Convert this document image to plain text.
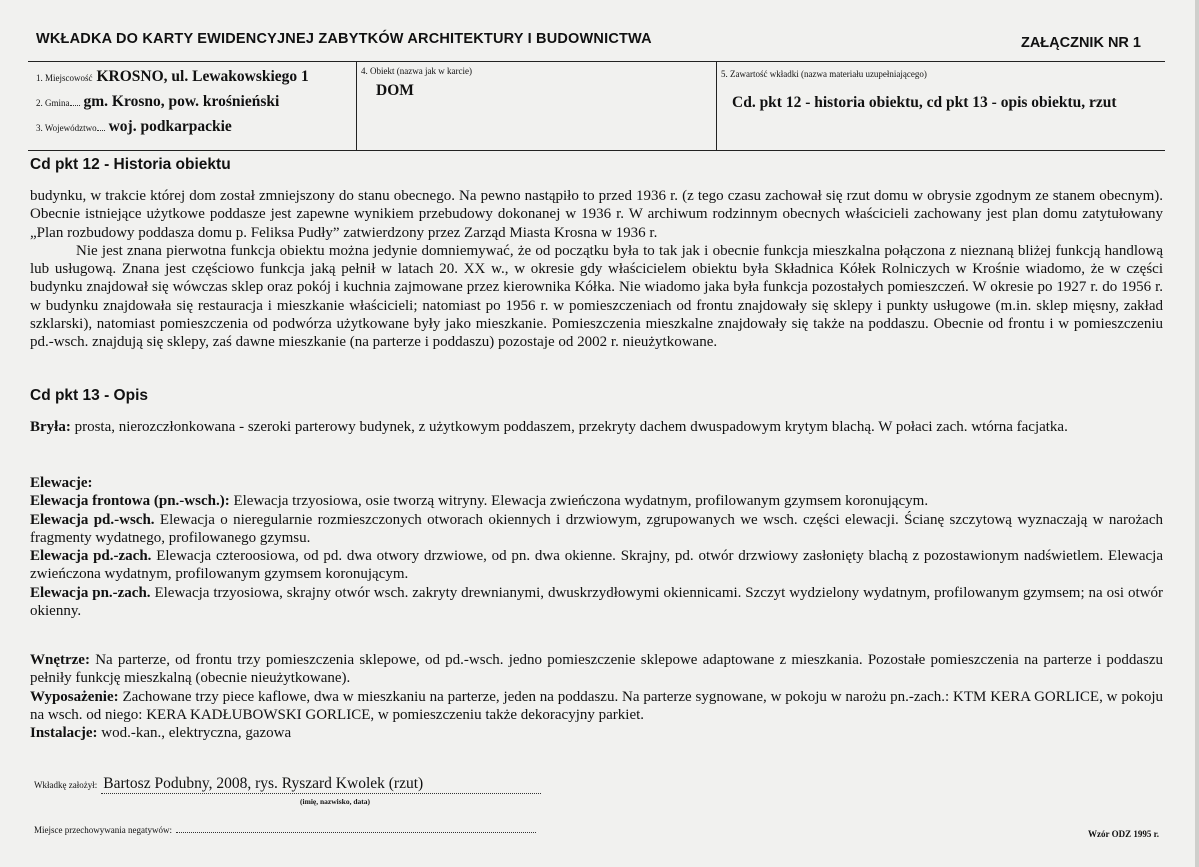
WKŁADKA DO KARTY EWIDENCYJNEJ ZABYTKÓW ARCHITEKTURY I BUDOWNICTWA	ZAŁĄCZNIK NR 1
1. Miejscowość KROSNO, ul. Lewakowskiego 1
2. Gmina gm. Krosno, pow. krośnieński
3. Województwo woj. podkarpackie
4. Obiekt (nazwa jak w karcie)
DOM
5. Zawartość wkładki (nazwa materiału uzupełniającego)
Cd. pkt 12 - historia obiektu, cd pkt 13 - opis obiektu, rzut
Cd pkt 12 - Historia obiektu

budynku, w trakcie której dom został zmniejszony do stanu obecnego. Na pewno nastąpiło to przed 1936 r. (z tego czasu zachował się rzut domu w obrysie zgodnym ze stanem obecnym). Obecnie istniejące użytkowe poddasze jest zapewne wynikiem przebudowy dokonanej w 1936 r. W archiwum rodzinnym obecnych właścicieli zachowany jest plan domu zatytułowany „Plan rozbudowy poddasza domu p. Feliksa Pudły” zatwierdzony przez Zarząd Miasta Krosna w 1936 r.

Nie jest znana pierwotna funkcja obiektu można jedynie domniemywać, że od początku była to tak jak i obecnie funkcja mieszkalna połączona z nieznaną bliżej funkcją handlową lub usługową. Znana jest częściowo funkcja jaką pełnił w latach 20. XX w., w okresie gdy właścicielem obiektu była Składnica Kółek Rolniczych w Krośnie wiadomo, że w części budynku znajdował się wówczas sklep oraz pokój i kuchnia zajmowane przez kierownika Kółka. Nie wiadomo jaka była funkcja pozostałych pomieszczeń. W okresie po 1927 r. do 1956 r. w budynku znajdowała się restauracja i mieszkanie właścicieli; natomiast po 1956 r. w pomieszczeniach od frontu znajdowały się sklepy i punkty usługowe (m.in. sklep mięsny, zakład szklarski), natomiast pomieszczenia od podwórza użytkowane były jako mieszkanie. Pomieszczenia mieszkalne znajdowały się także na poddaszu. Obecnie od frontu i w pomieszczeniu pd.-wsch. znajdują się sklepy, zaś dawne mieszkanie (na parterze i poddaszu) pozostaje od 2002 r. nieużytkowane.

Cd pkt 13 - Opis

Bryła: prosta, nierozczłonkowana - szeroki parterowy budynek, z użytkowym poddaszem, przekryty dachem dwuspadowym krytym blachą. W połaci zach. wtórna facjatka.

Elewacje:

Elewacja frontowa (pn.-wsch.): Elewacja trzyosiowa, osie tworzą witryny. Elewacja zwieńczona wydatnym, profilowanym gzymsem koronującym.

Elewacja pd.-wsch. Elewacja o nieregularnie rozmieszczonych otworach okiennych i drzwiowym, zgrupowanych we wsch. części elewacji. Ścianę szczytową wyznaczają w narożach fragmenty wydatnego, profilowanego gzymsu.

Elewacja pd.-zach. Elewacja czteroosiowa, od pd. dwa otwory drzwiowe, od pn. dwa okienne. Skrajny, pd. otwór drzwiowy zasłonięty blachą z pozostawionym nadświetlem. Elewacja zwieńczona wydatnym, profilowanym gzymsem koronującym.

Elewacja pn.-zach. Elewacja trzyosiowa, skrajny otwór wsch. zakryty drewnianymi, dwuskrzydłowymi okiennicami. Szczyt wydzielony wydatnym, profilowanym gzymsem; na osi otwór okienny.

Wnętrze: Na parterze, od frontu trzy pomieszczenia sklepowe, od pd.-wsch. jedno pomieszczenie sklepowe adaptowane z mieszkania. Pozostałe pomieszczenia na parterze i poddaszu pełniły funkcję mieszkalną (obecnie nieużytkowane).

Wyposażenie: Zachowane trzy piece kaflowe, dwa w mieszkaniu na parterze, jeden na poddaszu. Na parterze sygnowane, w pokoju w narożu pn.-zach.: KTM KERA GORLICE, w pokoju na wsch. od niego: KERA KADŁUBOWSKI GORLICE, w pomieszczeniu także dekoracyjny parkiet.

Instalacje: wod.-kan., elektryczna, gazowa

Wkładkę założył: Bartosz Podubny, 2008, rys. Ryszard Kwolek (rzut)
(imię, nazwisko, data)
Miejsce przechowywania negatywów:	Wzór ODZ 1995 r.
